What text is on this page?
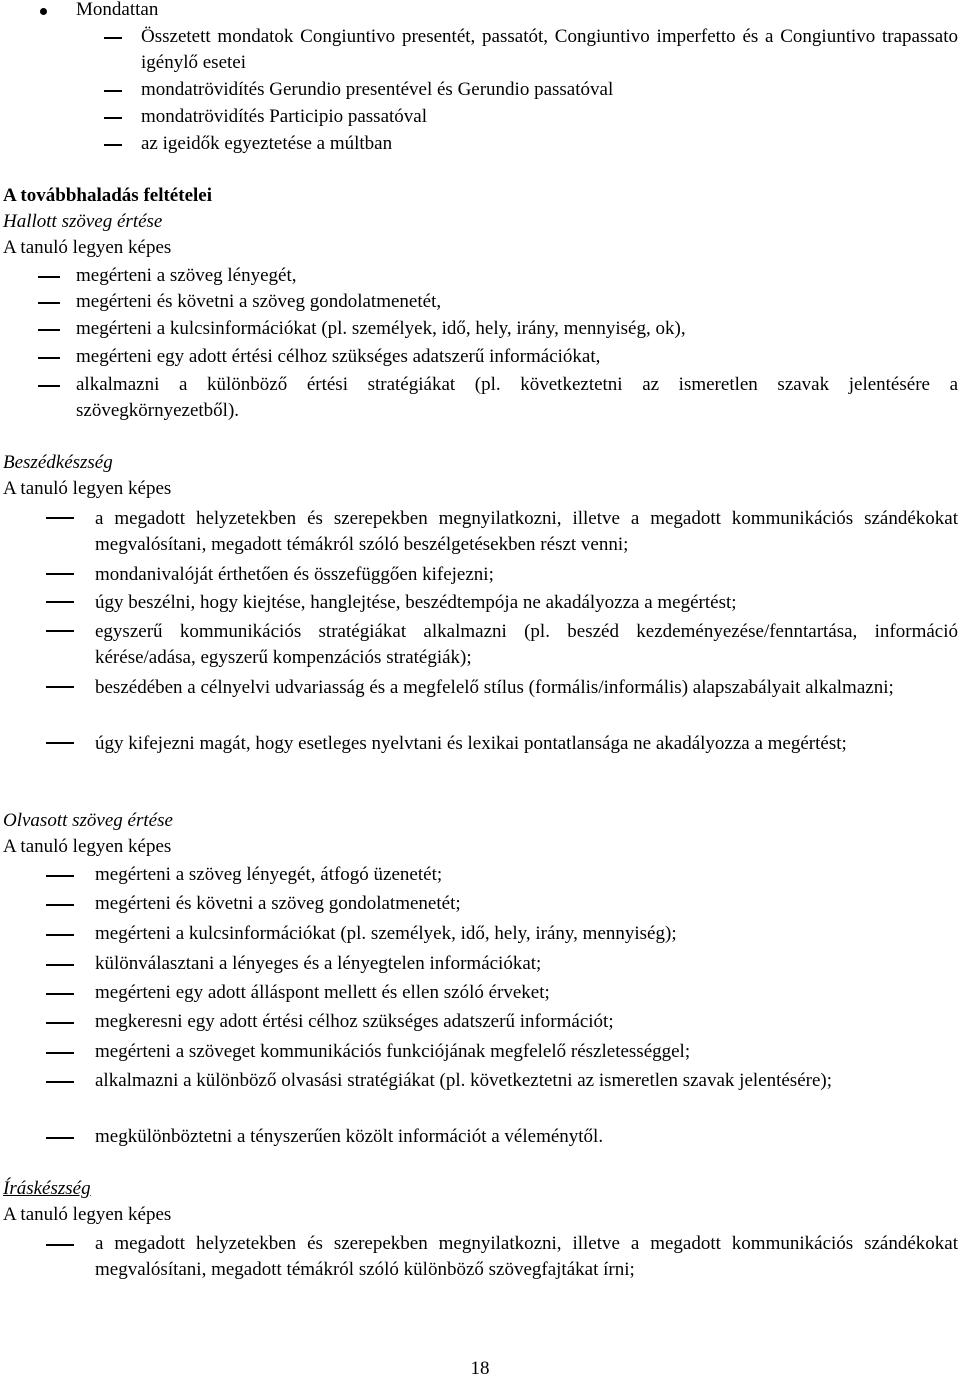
Mondattan
Összetett mondatok Congiuntivo presentét, passatót, Congiuntivo imperfetto és a Congiuntivo trapassato igénylő esetei
mondatrövidítés Gerundio presentével és Gerundio passatóval
mondatrövidítés Participio passatóval
az igeidők egyeztetése a múltban
A továbbhaladás feltételei
Hallott szöveg értése
A tanuló legyen képes
megérteni a szöveg lényegét,
megérteni és követni a szöveg gondolatmenetét,
megérteni a kulcsinformációkat (pl. személyek, idő, hely, irány, mennyiség, ok),
megérteni egy adott értési célhoz szükséges adatszerű információkat,
alkalmazni a különböző értési stratégiákat (pl. következtetni az ismeretlen szavak jelentésére a szövegkörnyezetből).
Beszédkészség
A tanuló legyen képes
a megadott helyzetekben és szerepekben megnyilatkozni, illetve a megadott kommunikációs szándékokat megvalósítani, megadott témákról szóló beszélgetésekben részt venni;
mondanivalóját érthetően és összefüggően kifejezni;
úgy beszélni, hogy kiejtése, hanglejtése, beszédtempója ne akadályozza a megértést;
egyszerű kommunikációs stratégiákat alkalmazni (pl. beszéd kezdeményezése/fenntartása, információ kérése/adása, egyszerű kompenzációs stratégiák);
beszédében a célnyelvi udvariasság és a megfelelő stílus (formális/informális) alapszabályait alkalmazni;
úgy kifejezni magát, hogy esetleges nyelvtani és lexikai pontatlansága ne akadályozza a megértést;
Olvasott szöveg értése
A tanuló legyen képes
megérteni a szöveg lényegét, átfogó üzenetét;
megérteni és követni a szöveg gondolatmenetét;
megérteni a kulcsinformációkat (pl. személyek, idő, hely, irány, mennyiség);
különválasztani a lényeges és a lényegtelen információkat;
megérteni egy adott álláspont mellett és ellen szóló érveket;
megkeresni egy adott értési célhoz szükséges adatszerű információt;
megérteni a szöveget kommunikációs funkciójának megfelelő részletességgel;
alkalmazni a különböző olvasási stratégiákat (pl. következtetni az ismeretlen szavak jelentésére);
megkülönböztetni a tényszerűen közölt információt a véleménytől.
Íráskészség
A tanuló legyen képes
a megadott helyzetekben és szerepekben megnyilatkozni, illetve a megadott kommunikációs szándékokat megvalósítani, megadott témákról szóló különböző szövegfajtákat írni;
18
